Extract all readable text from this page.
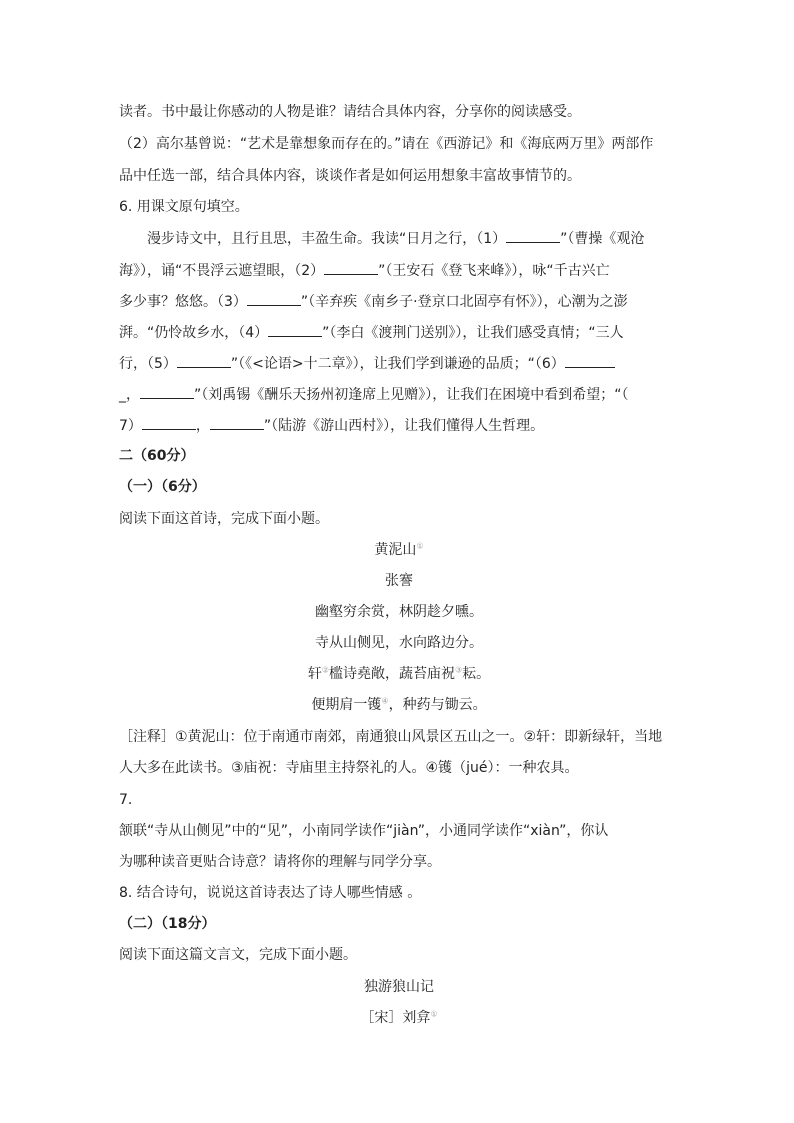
读者。书中最让你感动的人物是谁？请结合具体内容，分享你的阅读感受。
（2）高尔基曾说：“艺术是靠想象而存在的。”请在《西游记》和《海底两万里》两部作
品中任选一部，结合具体内容，谈谈作者是如何运用想象丰富故事情节的。
6. 用课文原句填空。
漫步诗文中，且行且思，丰盈生命。我读“日月之行，（1）	”（曹操《观沧
海》），诵“不畏浮云遮望眼，（2）	”（王安石《登飞来峰》），咏“千古兴亡
多少事？悠悠。（3）	”（辛弃疾《南乡子·登京口北固亭有怀》），心潮为之澎
湃。“仍怜故乡水，（4）	”（李白《渡荆门送别》），让我们感受真情；“三人
行，（5）	”（《<论语>十二章》），让我们学到谦逊的品质；“（6）
_，	”（刘禹锡《酬乐天扬州初逢席上见赠》），让我们在困境中看到希望；“（
7）	，	”（陆游《游山西村》），让我们懂得人生哲理。
二（60分）
（一）（6分）
阅读下面这首诗，完成下面小题。
黄泥山①
张謇
幽壑穷余赏，林阴趁夕曛。
寺从山侧见，水向路边分。
轩②槛诗堯敞，蔬苔庙祝③耘。
便期肩一镬④，种药与锄云。
［注释］①黄泥山：位于南通市南郊，南通狼山风景区五山之一。②轩：即新绿轩，当地
人大多在此读书。③庙祝：寺庙里主持祭礼的人。④镬（jué）：一种农具。
7.
颔联“寺从山侧见”中的“见”，小南同学读作“jiàn”，小通同学读作“xiàn”，你认
为哪种读音更贴合诗意？请将你的理解与同学分享。
8. 结合诗句，说说这首诗表达了诗人哪些情感 。
（二）（18分）
阅读下面这篇文言文，完成下面小题。
独游狼山记
［宋］刘弇①
